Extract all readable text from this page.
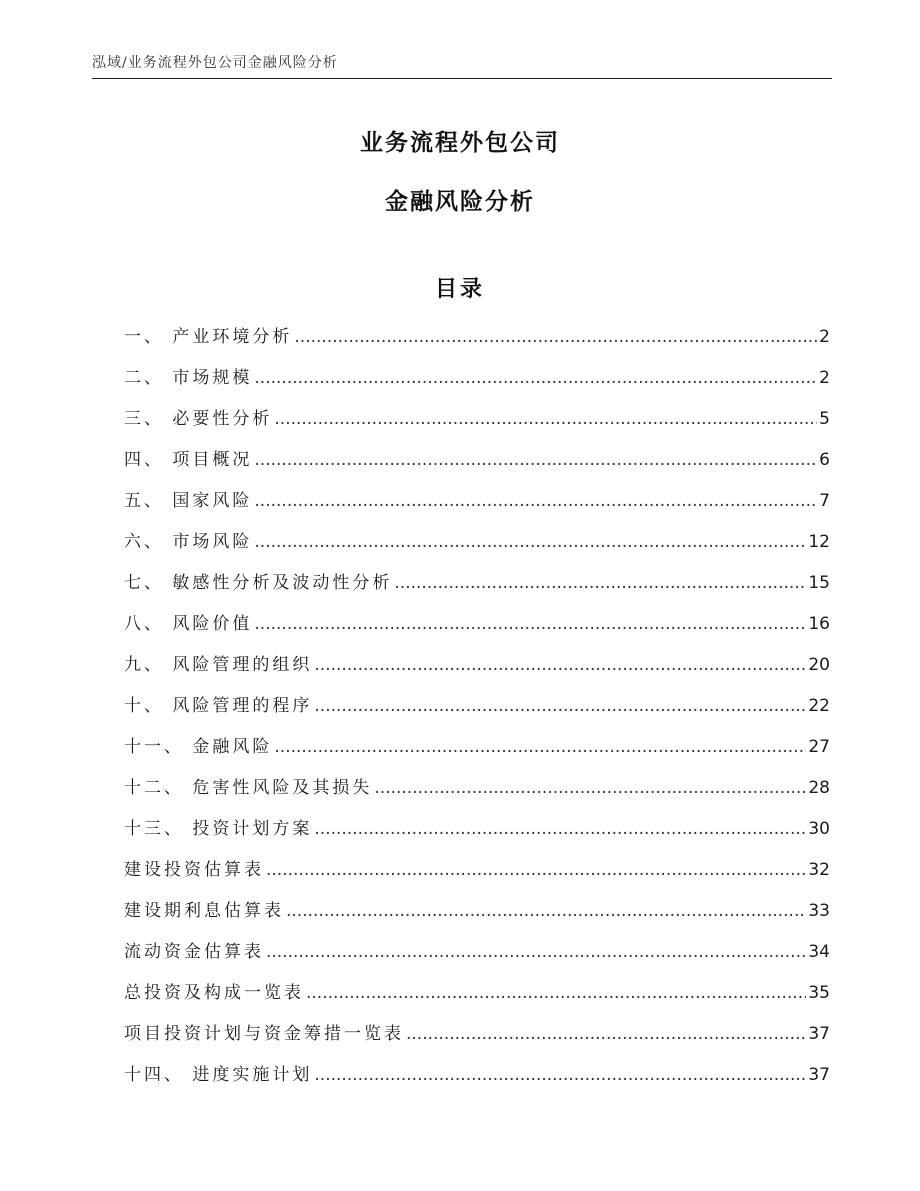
泓域/业务流程外包公司金融风险分析
业务流程外包公司
金融风险分析
目录
一、 产业环境分析 .....	2
二、 市场规模 .....	2
三、 必要性分析 .....	5
四、 项目概况 .....	6
五、 国家风险 .....	7
六、 市场风险 .....	12
七、 敏感性分析及波动性分析 .....	15
八、 风险价值 .....	16
九、 风险管理的组织 .....	20
十、 风险管理的程序 .....	22
十一、 金融风险 .....	27
十二、 危害性风险及其损失 .....	28
十三、 投资计划方案 .....	30
建设投资估算表 .....	32
建设期利息估算表 .....	33
流动资金估算表 .....	34
总投资及构成一览表 .....	35
项目投资计划与资金筹措一览表 .....	37
十四、 进度实施计划 .....	37
